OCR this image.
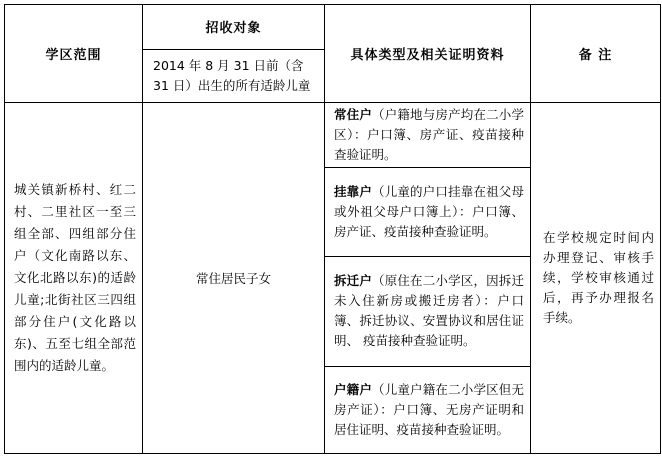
学区范围	招收对象	具体类型及相关证明资料	备 注
	2014 年 8 月 31 日前（含 31 日）出生的所有适龄儿童		
城关镇新桥村、红二村、二里社区一至三组全部、四组部分住户（文化南路以东、文化北路以东)的适龄儿童;北街社区三四组部分住户(文化路以东)、五至七组全部范围内的适龄儿童。	常住居民子女	常住户（户籍地与房产均在二小学区）：户口簿、房产证、疫苗接种查验证明。	在学校规定时间内办理登记、审核手续，学校审核通过后，再予办理报名手续。
		挂靠户（儿童的户口挂靠在祖父母或外祖父母户口簿上）：户口簿、房产证、疫苗接种查验证明。	
		拆迁户（原住在二小学区，因拆迁未入住新房或搬迁房者）：户口簿、拆迁协议、安置协议和居住证明、 疫苗接种查验证明。	
		户籍户（儿童户籍在二小学区但无房产证）：户口簿、无房产证明和居住证明、疫苗接种查验证明。	
